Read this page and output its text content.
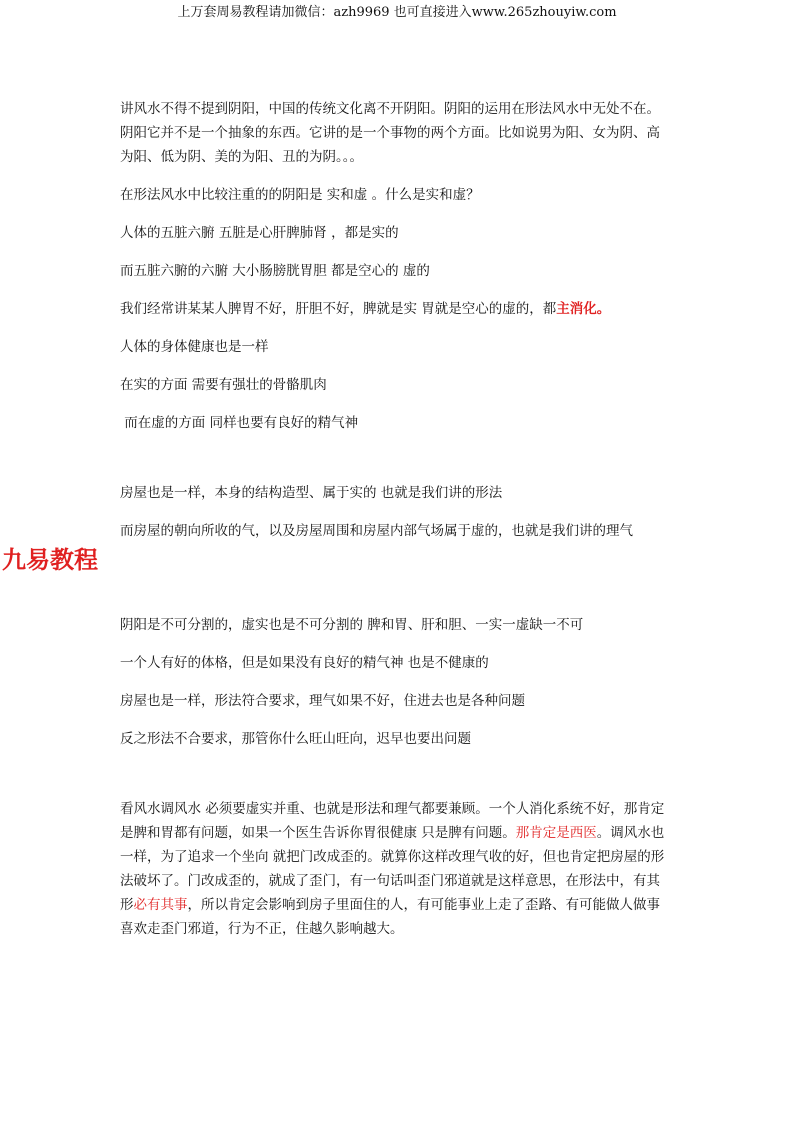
上万套周易教程请加微信：azh9969 也可直接进入www.265zhouyiw.com
九易教程

讲风水不得不提到阴阳，中国的传统文化离不开阴阳。阴阳的运用在形法风水中无处不在。阴阳它并不是一个抽象的东西。它讲的是一个事物的两个方面。比如说男为阳、女为阴、高为阳、低为阴、美的为阳、丑的为阴。。。

在形法风水中比较注重的的阴阳是 实和虚 。什么是实和虚？

人体的五脏六腑 五脏是心肝脾肺肾 ，都是实的

而五脏六腑的六腑 大小肠膀胱胃胆 都是空心的 虚的

我们经常讲某某人脾胃不好，肝胆不好，脾就是实 胃就是空心的虚的，都主消化。

人体的身体健康也是一样

在实的方面 需要有强壮的骨骼肌肉

而在虚的方面 同样也要有良好的精气神

房屋也是一样，本身的结构造型、属于实的 也就是我们讲的形法

而房屋的朝向所收的气，以及房屋周围和房屋内部气场属于虚的，也就是我们讲的理气

阴阳是不可分割的，虚实也是不可分割的 脾和胃、肝和胆、一实一虚缺一不可

一个人有好的体格，但是如果没有良好的精气神 也是不健康的

房屋也是一样，形法符合要求，理气如果不好，住进去也是各种问题

反之形法不合要求，那管你什么旺山旺向，迟早也要出问题

看风水调风水 必须要虚实并重、也就是形法和理气都要兼顾。一个人消化系统不好，那肯定是脾和胃都有问题，如果一个医生告诉你胃很健康 只是脾有问题。那肯定是西医。调风水也一样，为了追求一个坐向 就把门改成歪的。就算你这样改理气收的好，但也肯定把房屋的形法破坏了。门改成歪的，就成了歪门，有一句话叫歪门邪道就是这样意思，在形法中，有其形必有其事，所以肯定会影响到房子里面住的人，有可能事业上走了歪路、有可能做人做事喜欢走歪门邪道，行为不正，住越久影响越大。
